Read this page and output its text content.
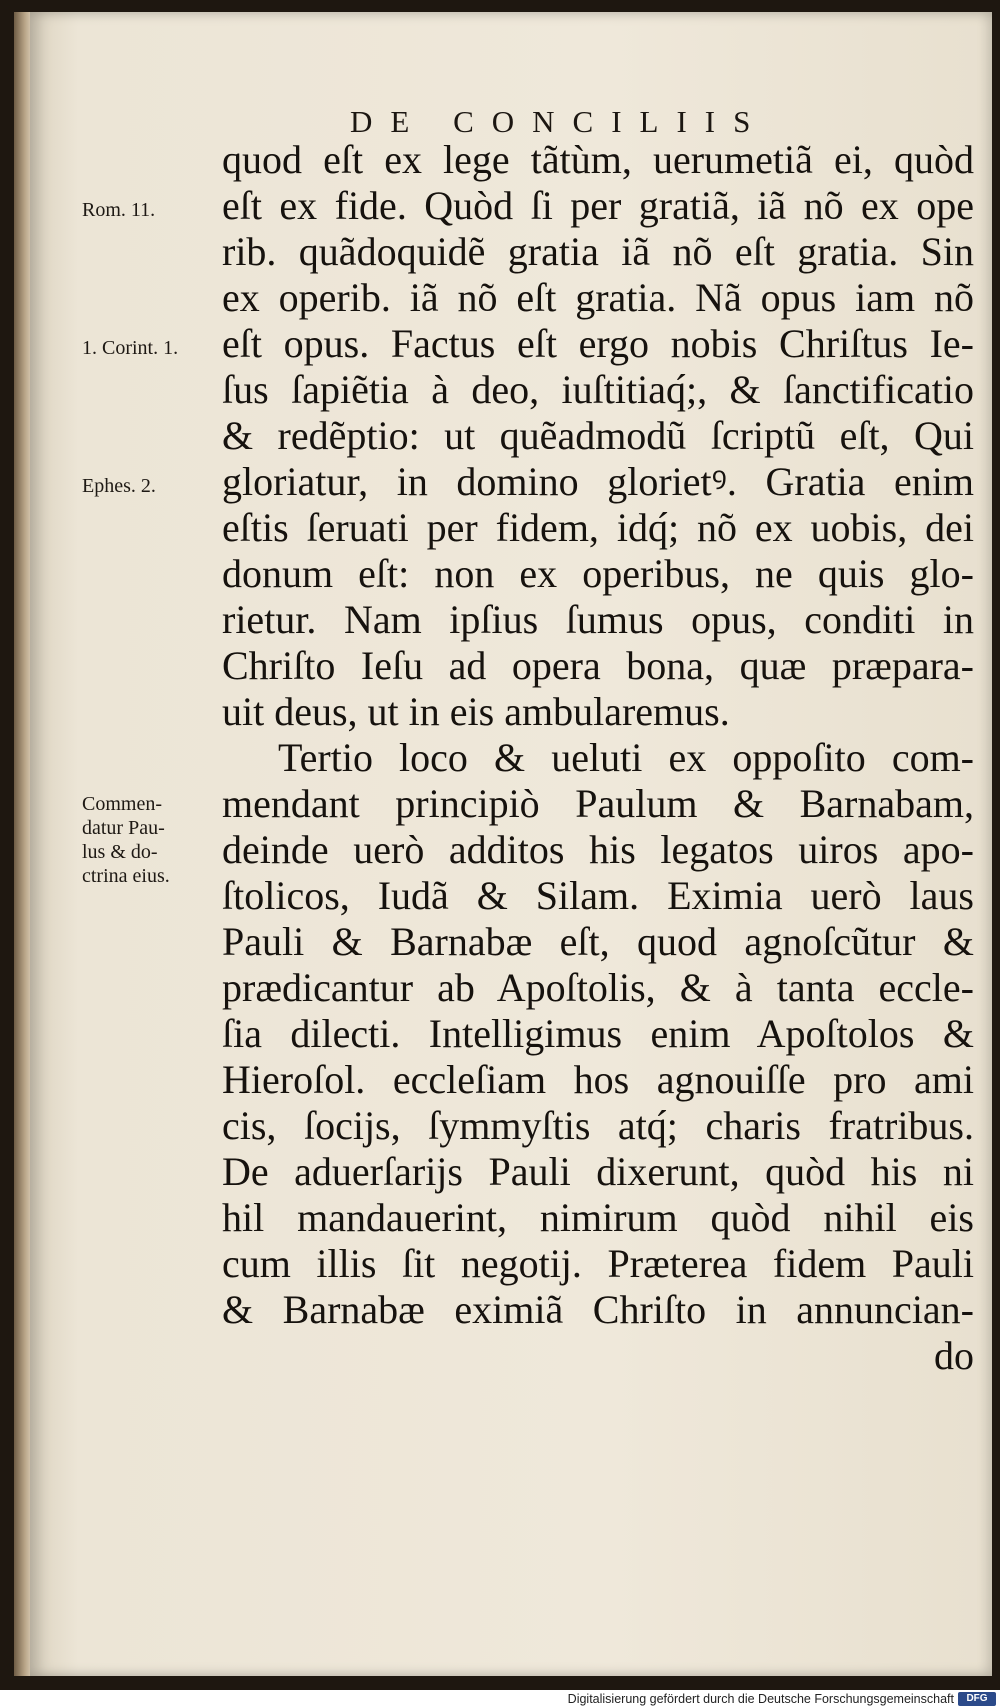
DE CONCILIIS
quod eſt ex lege tãtùm, uerumetiã ei, quòd
eſt ex fide. Quòd ſi per gratiã, iã nõ ex ope
rib. quãdoquidẽ gratia iã nõ eſt gratia. Sin
ex operib. iã nõ eſt gratia. Nã opus iam nõ
eſt opus. Factus eſt ergo nobis Chriſtus Ie-
ſus ſapiẽtia à deo, iuſtitiaq́;, & ſanctificatio
& redẽptio: ut quẽadmodũ ſcriptũ eſt, Qui
gloriatur, in domino glorietꝰ. Gratia enim
eſtis ſeruati per fidem, idq́; nõ ex uobis, dei
donum eſt: non ex operibus, ne quis glo-
rietur. Nam ipſius ſumus opus, conditi in
Chriſto Ieſu ad opera bona, quæ præpara-
uit deus, ut in eis ambularemus.
Tertio loco & ueluti ex oppoſito com-
mendant principiò Paulum & Barnabam,
deinde uerò additos his legatos uiros apo-
ſtolicos, Iudã & Silam. Eximia uerò laus
Pauli & Barnabæ eſt, quod agnoſcũtur &
prædicantur ab Apoſtolis, & à tanta eccle-
ſia dilecti. Intelligimus enim Apoſtolos &
Hieroſol. eccleſiam hos agnouiſſe pro ami
cis, ſocijs, ſymmyſtis atq́; charis fratribus.
De aduerſarijs Pauli dixerunt, quòd his ni
hil mandauerint, nimirum quòd nihil eis
cum illis ſit negotij. Præterea fidem Pauli
& Barnabæ eximiã Chriſto in annuncian-
do
Rom. 11.
1. Corint. 1.
Ephes. 2.
Commen-
datur Pau-
lus & do-
ctrina eius.
Digitalisierung gefördert durch die Deutsche Forschungsgemeinschaft	DFG
